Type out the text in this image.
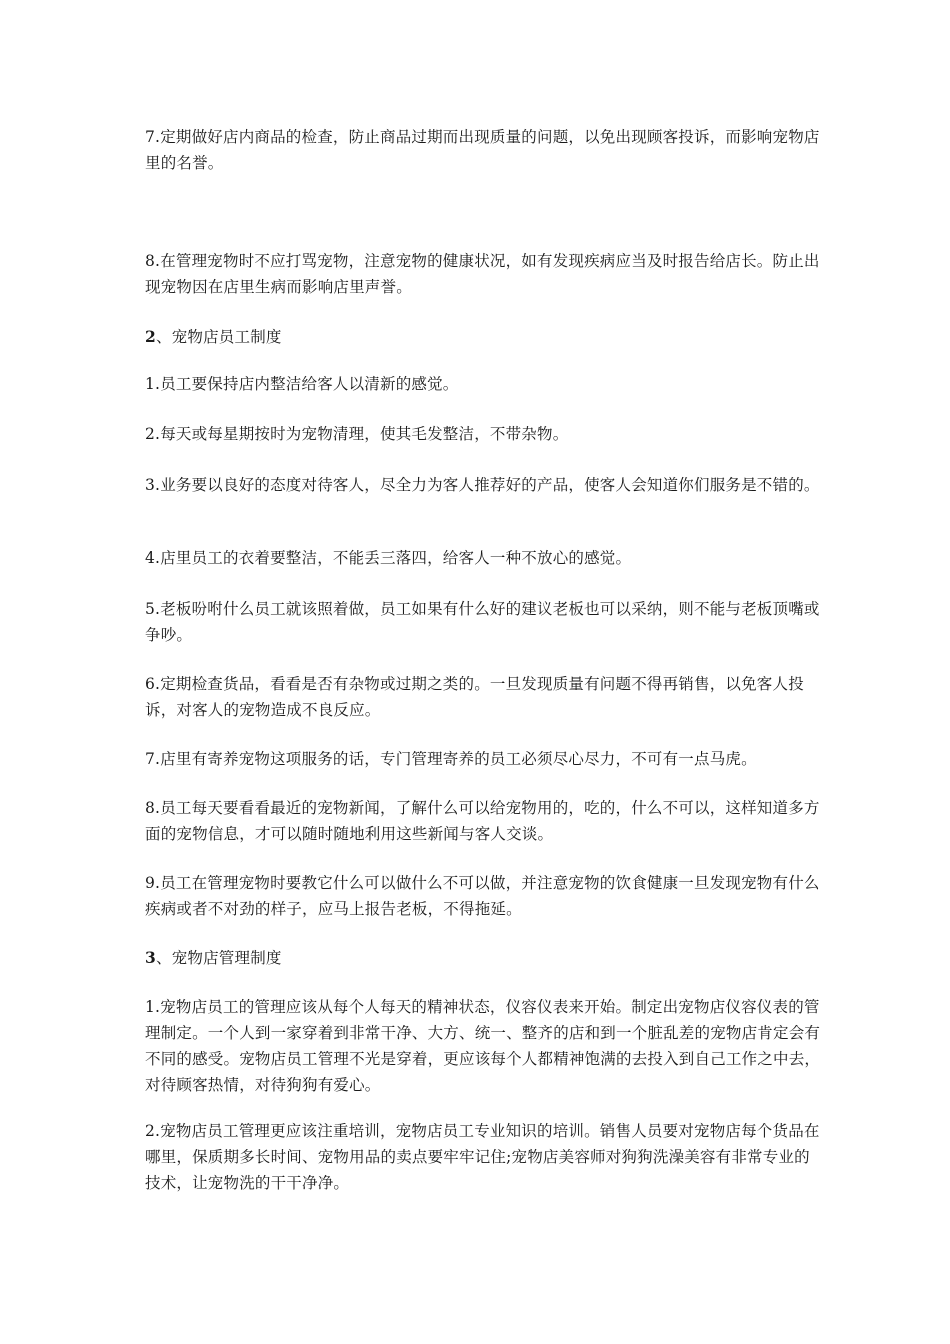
7.定期做好店内商品的检查，防止商品过期而出现质量的问题，以免出现顾客投诉，而影响宠物店里的名誉。

8.在管理宠物时不应打骂宠物，注意宠物的健康状况，如有发现疾病应当及时报告给店长。防止出现宠物因在店里生病而影响店里声誉。

2、宠物店员工制度

1.员工要保持店内整洁给客人以清新的感觉。

2.每天或每星期按时为宠物清理，使其毛发整洁，不带杂物。

3.业务要以良好的态度对待客人，尽全力为客人推荐好的产品，使客人会知道你们服务是不错的。

4.店里员工的衣着要整洁，不能丢三落四，给客人一种不放心的感觉。

5.老板吩咐什么员工就该照着做，员工如果有什么好的建议老板也可以采纳，则不能与老板顶嘴或争吵。

6.定期检查货品，看看是否有杂物或过期之类的。一旦发现质量有问题不得再销售，以免客人投诉，对客人的宠物造成不良反应。

7.店里有寄养宠物这项服务的话，专门管理寄养的员工必须尽心尽力，不可有一点马虎。

8.员工每天要看看最近的宠物新闻，了解什么可以给宠物用的，吃的，什么不可以，这样知道多方面的宠物信息，才可以随时随地利用这些新闻与客人交谈。

9.员工在管理宠物时要教它什么可以做什么不可以做，并注意宠物的饮食健康一旦发现宠物有什么疾病或者不对劲的样子，应马上报告老板，不得拖延。

3、宠物店管理制度

1.宠物店员工的管理应该从每个人每天的精神状态，仪容仪表来开始。制定出宠物店仪容仪表的管理制定。一个人到一家穿着到非常干净、大方、统一、整齐的店和到一个脏乱差的宠物店肯定会有不同的感受。宠物店员工管理不光是穿着，更应该每个人都精神饱满的去投入到自己工作之中去，对待顾客热情，对待狗狗有爱心。

2.宠物店员工管理更应该注重培训，宠物店员工专业知识的培训。销售人员要对宠物店每个货品在哪里，保质期多长时间、宠物用品的卖点要牢牢记住;宠物店美容师对狗狗洗澡美容有非常专业的技术，让宠物洗的干干净净。
